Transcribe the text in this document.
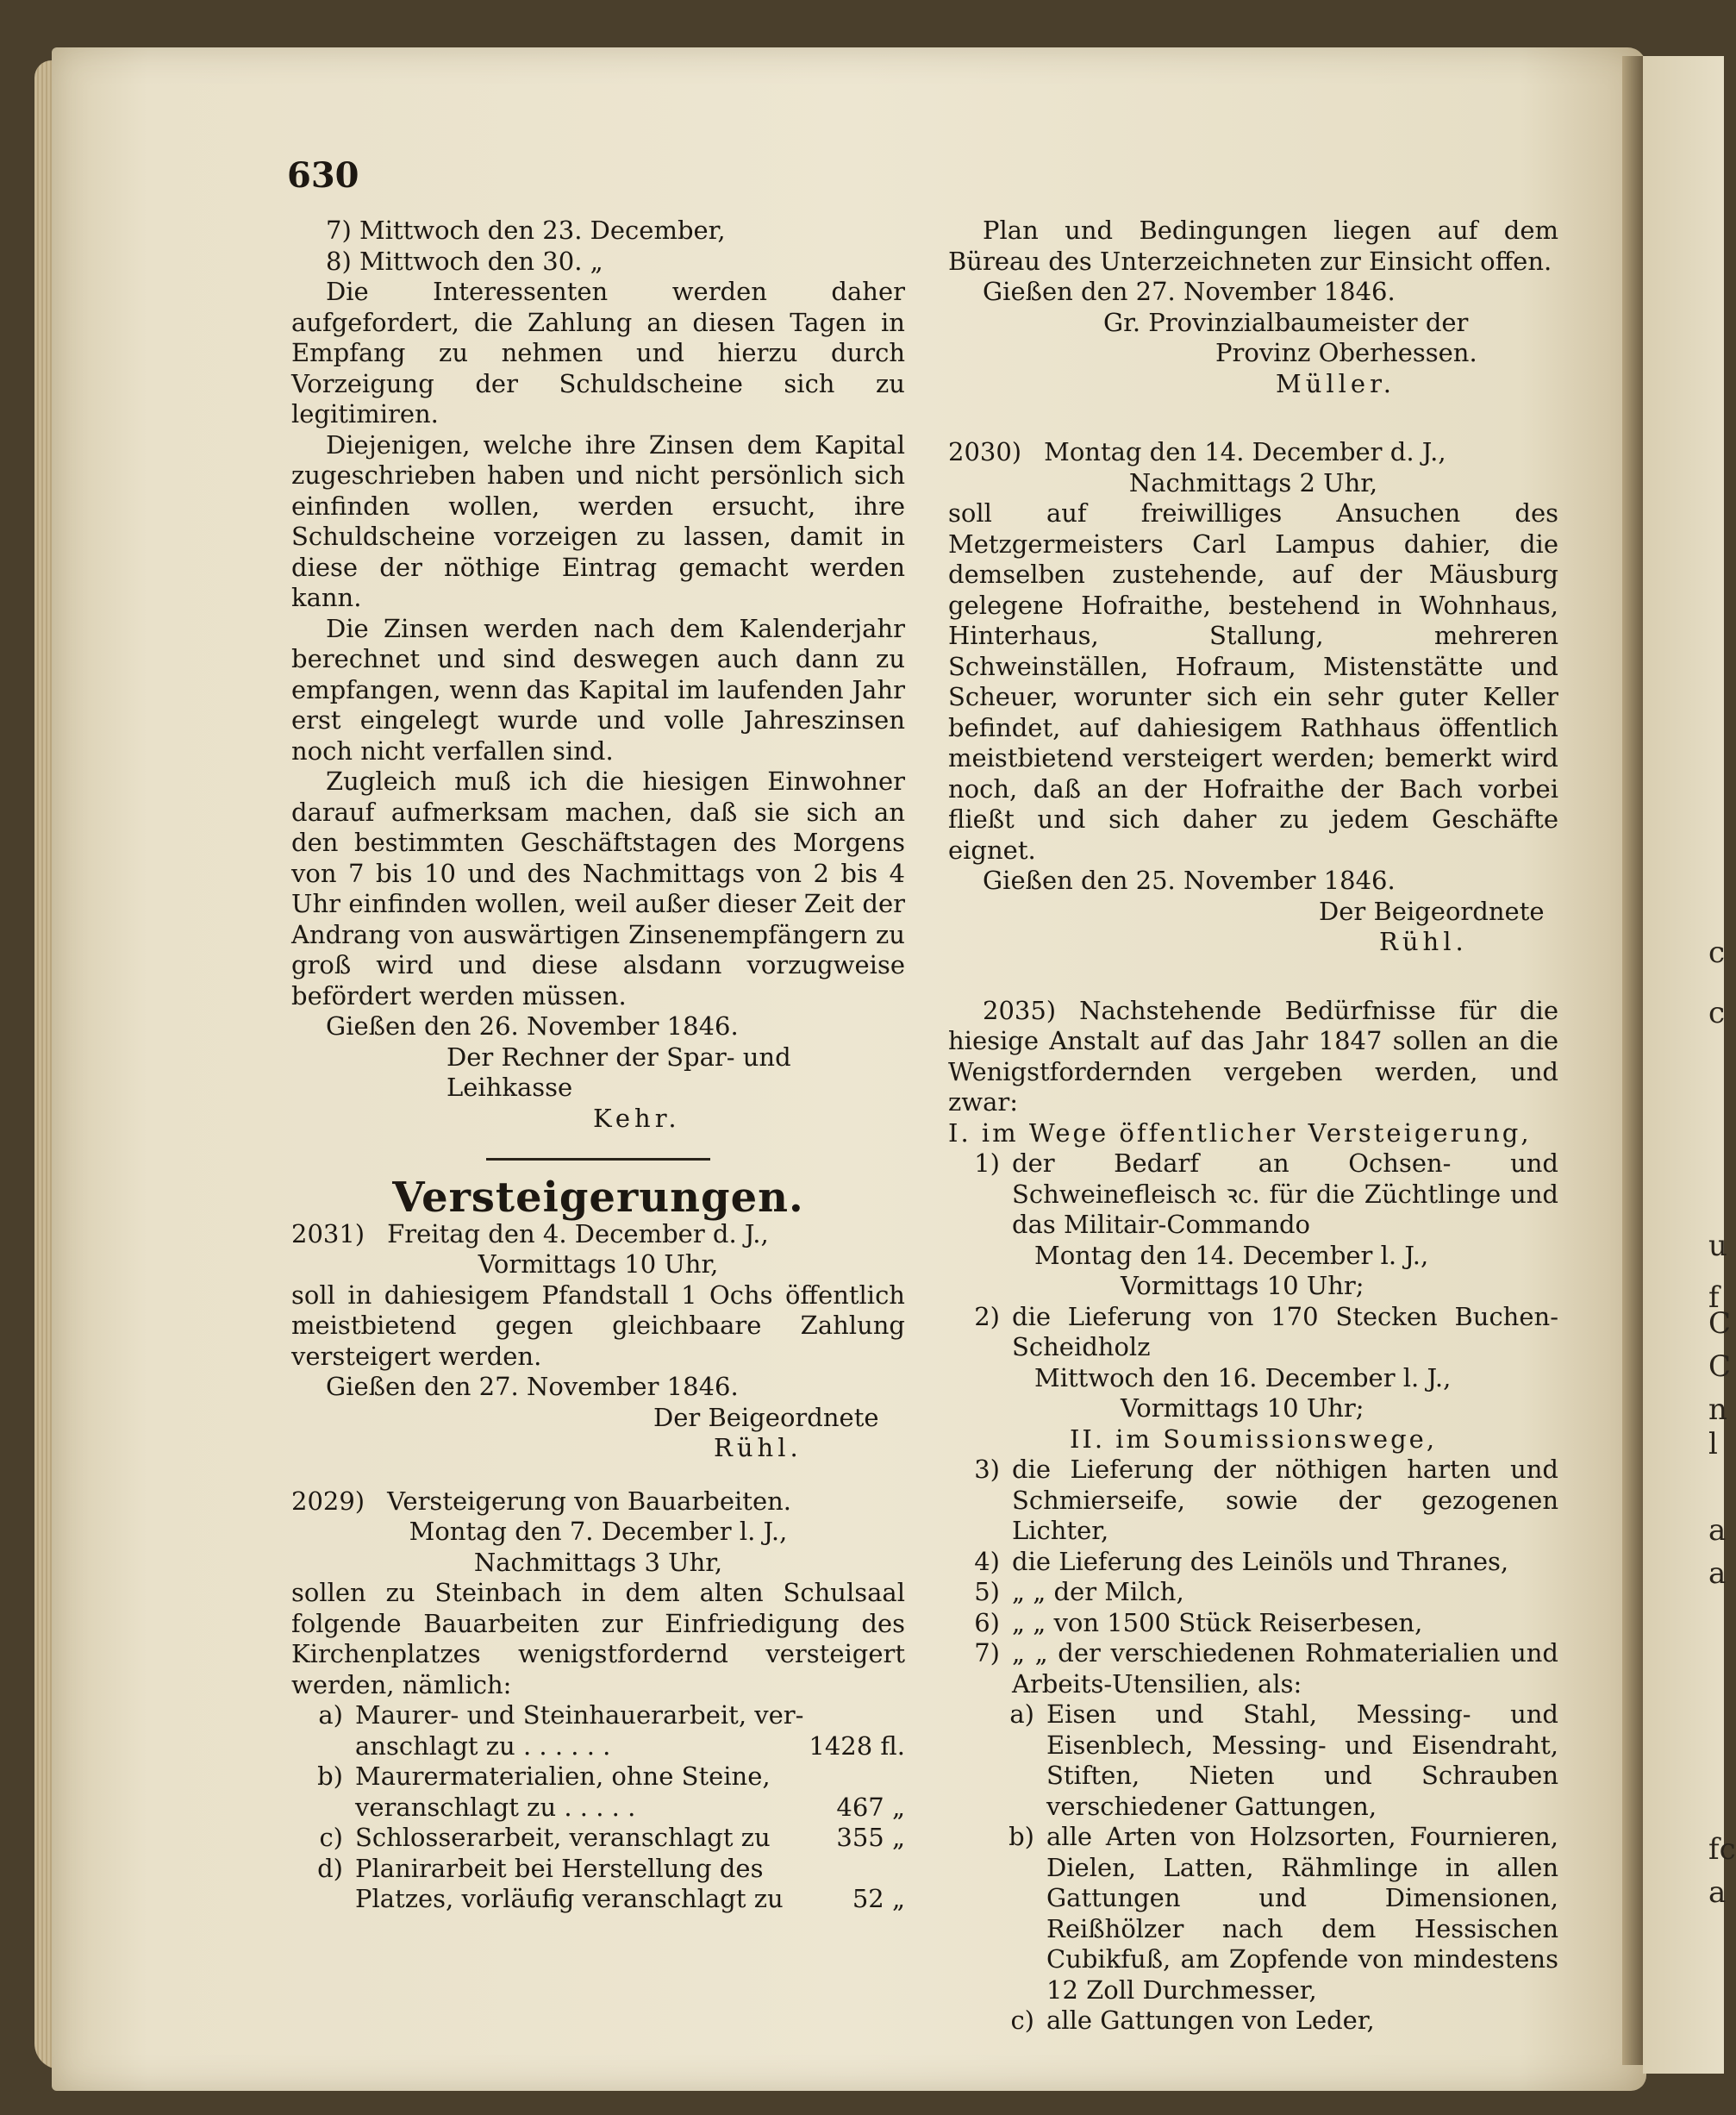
c
c
u
f
C
C
n
l
a
a
fc
a
630
7) Mittwoch den 23. December,
8) Mittwoch den 30. „

Die Interessenten werden daher aufgefordert, die Zahlung an diesen Tagen in Empfang zu nehmen und hierzu durch Vorzeigung der Schuldscheine sich zu legitimiren.

Diejenigen, welche ihre Zinsen dem Kapital zugeschrieben haben und nicht persönlich sich einfinden wollen, werden ersucht, ihre Schuldscheine vorzeigen zu lassen, damit in diese der nöthige Eintrag gemacht werden kann.

Die Zinsen werden nach dem Kalenderjahr berechnet und sind deswegen auch dann zu empfangen, wenn das Kapital im laufenden Jahr erst eingelegt wurde und volle Jahreszinsen noch nicht verfallen sind.

Zugleich muß ich die hiesigen Einwohner darauf aufmerksam machen, daß sie sich an den bestimmten Geschäftstagen des Morgens von 7 bis 10 und des Nachmittags von 2 bis 4 Uhr einfinden wollen, weil außer dieser Zeit der Andrang von auswärtigen Zinsenempfängern zu groß wird und diese alsdann vorzugweise befördert werden müssen.

Gießen den 26. November 1846.
Der Rechner der Spar- und Leihkasse
Kehr.
Versteigerungen.
2031) Freitag den 4. December d. J.,
Vormittags 10 Uhr,

soll in dahiesigem Pfandstall 1 Ochs öffentlich meistbietend gegen gleichbaare Zahlung versteigert werden.

Gießen den 27. November 1846.
Der Beigeordnete
Rühl.
2029) Versteigerung von Bauarbeiten.
Montag den 7. December l. J.,
Nachmittags 3 Uhr,

sollen zu Steinbach in dem alten Schulsaal folgende Bauarbeiten zur Einfriedigung des Kirchenplatzes wenigstfordernd versteigert werden, nämlich:

a) Maurer- und Steinhauerarbeit, ver-
anschlagt zu . . . . . .	1428 fl.
b) Maurermaterialien, ohne Steine,
veranschlagt zu . . . . .	467 „
c) Schlosserarbeit, veranschlagt zu	355 „
d) Planirarbeit bei Herstellung des
Platzes, vorläufig veranschlagt zu	52 „

Plan und Bedingungen liegen auf dem Büreau des Unterzeichneten zur Einsicht offen.

Gießen den 27. November 1846.
Gr. Provinzialbaumeister der
Provinz Oberhessen.
Müller.
2030) Montag den 14. December d. J.,
Nachmittags 2 Uhr,

soll auf freiwilliges Ansuchen des Metzgermeisters Carl Lampus dahier, die demselben zustehende, auf der Mäusburg gelegene Hofraithe, bestehend in Wohnhaus, Hinterhaus, Stallung, mehreren Schweinställen, Hofraum, Mistenstätte und Scheuer, worunter sich ein sehr guter Keller befindet, auf dahiesigem Rathhaus öffentlich meistbietend versteigert werden; bemerkt wird noch, daß an der Hofraithe der Bach vorbei fließt und sich daher zu jedem Geschäfte eignet.

Gießen den 25. November 1846.
Der Beigeordnete
Rühl.

2035) Nachstehende Bedürfnisse für die hiesige Anstalt auf das Jahr 1847 sollen an die Wenigstfordernden vergeben werden, und zwar:

I. im Wege öffentlicher Versteigerung,
1) der Bedarf an Ochsen- und Schweinefleisch ꝛc. für die Züchtlinge und das Militair-Commando
Montag den 14. December l. J.,
Vormittags 10 Uhr;
2) die Lieferung von 170 Stecken Buchen-Scheidholz
Mittwoch den 16. December l. J.,
Vormittags 10 Uhr;
II. im Soumissionswege,
3) die Lieferung der nöthigen harten und Schmierseife, sowie der gezogenen Lichter,
4) die Lieferung des Leinöls und Thranes,
5) „ „ der Milch,
6) „ „ von 1500 Stück Reiserbesen,
7) „ „ der verschiedenen Rohmaterialien und Arbeits-Utensilien, als:
a) Eisen und Stahl, Messing- und Eisenblech, Messing- und Eisendraht, Stiften, Nieten und Schrauben verschiedener Gattungen,
b) alle Arten von Holzsorten, Fournieren, Dielen, Latten, Rähmlinge in allen Gattungen und Dimensionen, Reißhölzer nach dem Hessischen Cubikfuß, am Zopfende von mindestens 12 Zoll Durchmesser,
c) alle Gattungen von Leder,
